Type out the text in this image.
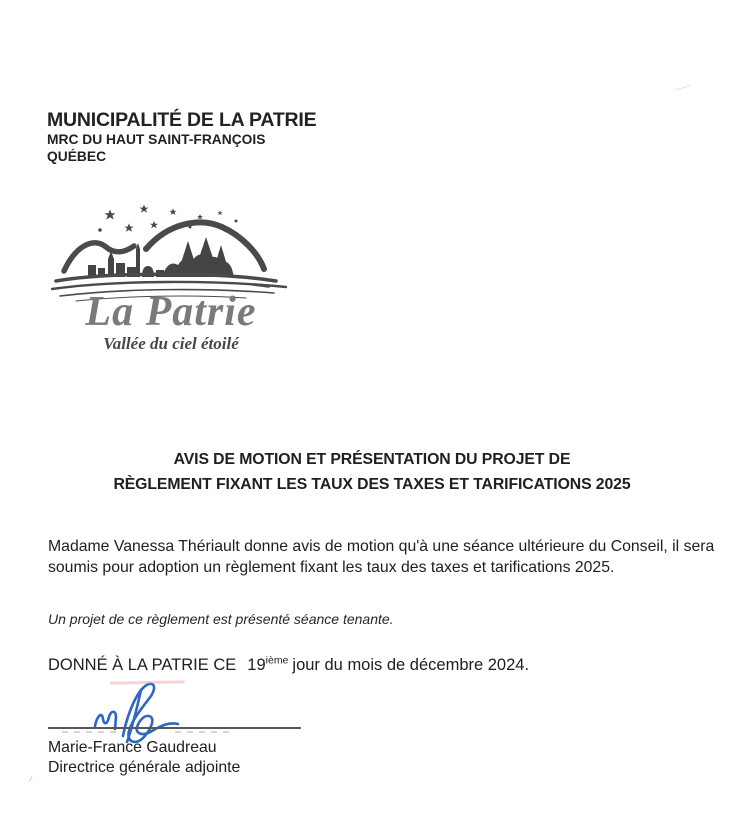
MUNICIPALITÉ DE LA PATRIE
MRC DU HAUT SAINT-FRANÇOIS
QUÉBEC
La Patrie
Vallée du ciel étoilé
AVIS DE MOTION ET PRÉSENTATION DU PROJET DE
RÈGLEMENT FIXANT LES TAUX DES TAXES ET TARIFICATIONS 2025

Madame Vanessa Thériault donne avis de motion qu'à une séance ultérieure du Conseil, il sera soumis pour adoption un règlement fixant les taux des taxes et tarifications 2025.

Un projet de ce règlement est présenté séance tenante.

DONNÉ À LA PATRIE CE 19ième jour du mois de décembre 2024.

Marie-France Gaudreau
Directrice générale adjointe
